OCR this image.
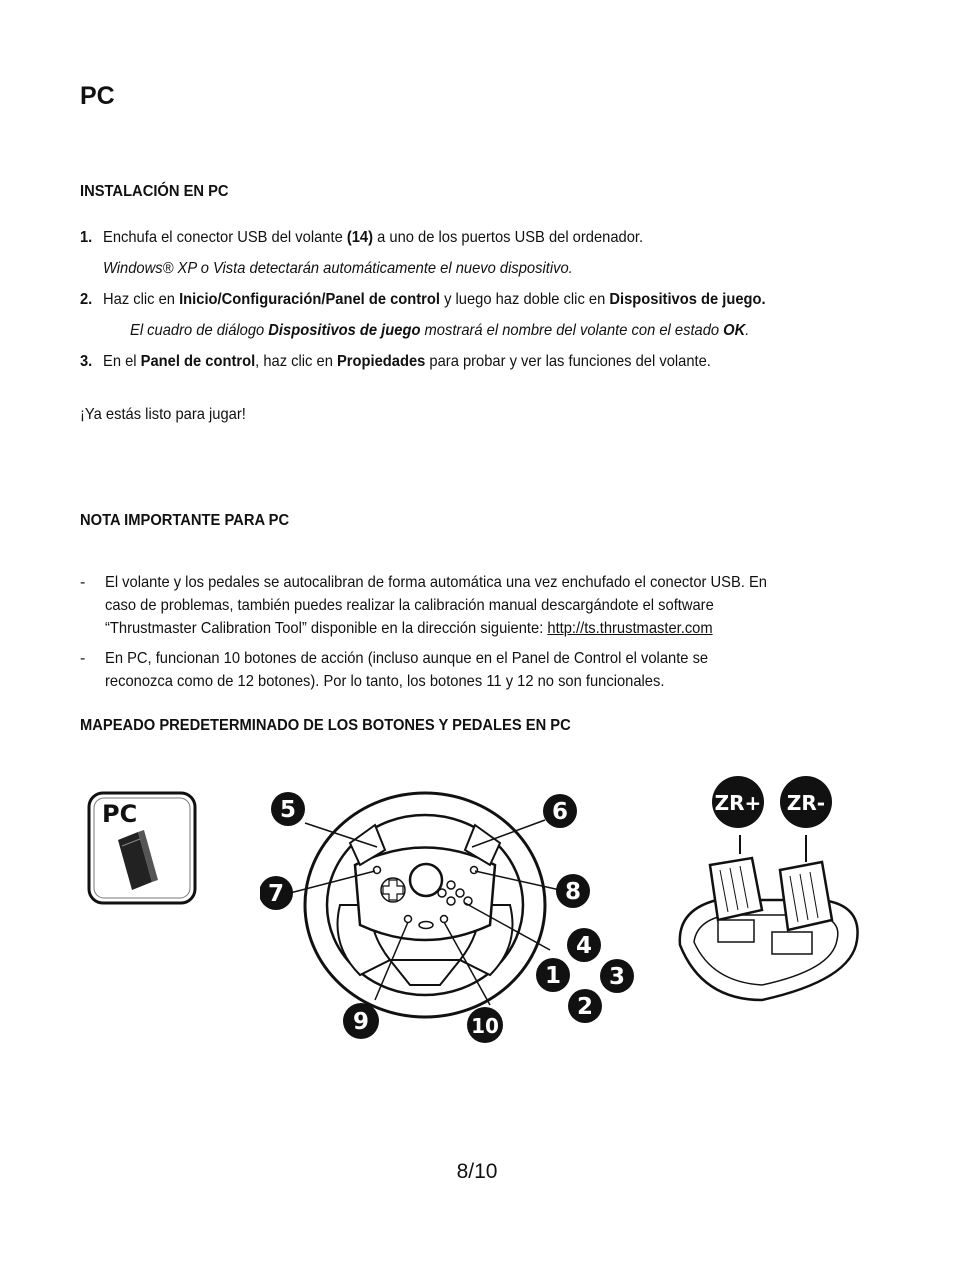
PC
INSTALACIÓN EN PC
1. Enchufa el conector USB del volante (14) a uno de los puertos USB del ordenador.
Windows® XP o Vista detectarán automáticamente el nuevo dispositivo.
2. Haz clic en Inicio/Configuración/Panel de control y luego haz doble clic en Dispositivos de juego.
El cuadro de diálogo Dispositivos de juego mostrará el nombre del volante con el estado OK.
3. En el Panel de control, haz clic en Propiedades para probar y ver las funciones del volante.
¡Ya estás listo para jugar!
NOTA IMPORTANTE PARA PC
- El volante y los pedales se autocalibran de forma automática una vez enchufado el conector USB. En
caso de problemas, también puedes realizar la calibración manual descargándote el software
“Thrustmaster Calibration Tool” disponible en la dirección siguiente: http://ts.thrustmaster.com
- En PC, funcionan 10 botones de acción (incluso aunque en el Panel de Control el volante se
reconozca como de 12 botones). Por lo tanto, los botones 11 y 12 no son funcionales.
MAPEADO PREDETERMINADO DE LOS BOTONES Y PEDALES EN PC
PC	5	6
7	8
4
1 3
2
9	10
ZR+ ZR-
8/10
